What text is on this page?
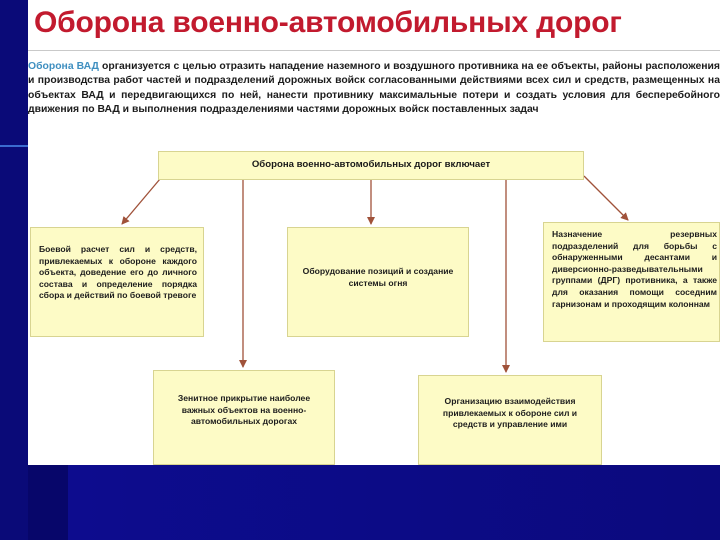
Оборона военно-автомобильных дорог
Оборона ВАД организуется с целью отразить нападение наземного и воздушного противника на ее объекты, районы расположения и производства работ частей и подразделений дорожных войск согласованными действиями всех сил и средств, размещенных на объектах ВАД и передвигающихся по ней, нанести противнику максимальные потери и создать условия для бесперебойного движения по ВАД и выполнения подразделениями частями дорожных войск поставленных задач
Оборона военно-автомобильных дорог включает
Боевой расчет сил и средств, привлекаемых к обороне каждого объекта, доведение его до личного состава и определение порядка сбора и действий по боевой тревоге
Оборудование позиций и создание системы огня
Назначение резервных подразделений для борьбы с обнаруженными десантами и диверсионно-разведывательными группами (ДРГ) противника, а также для оказания помощи соседним гарнизонам и проходящим колоннам
Зенитное прикрытие наиболее важных объектов на военно-автомобильных дорогах
Организацию взаимодействия привлекаемых к обороне сил и средств и управление ими
